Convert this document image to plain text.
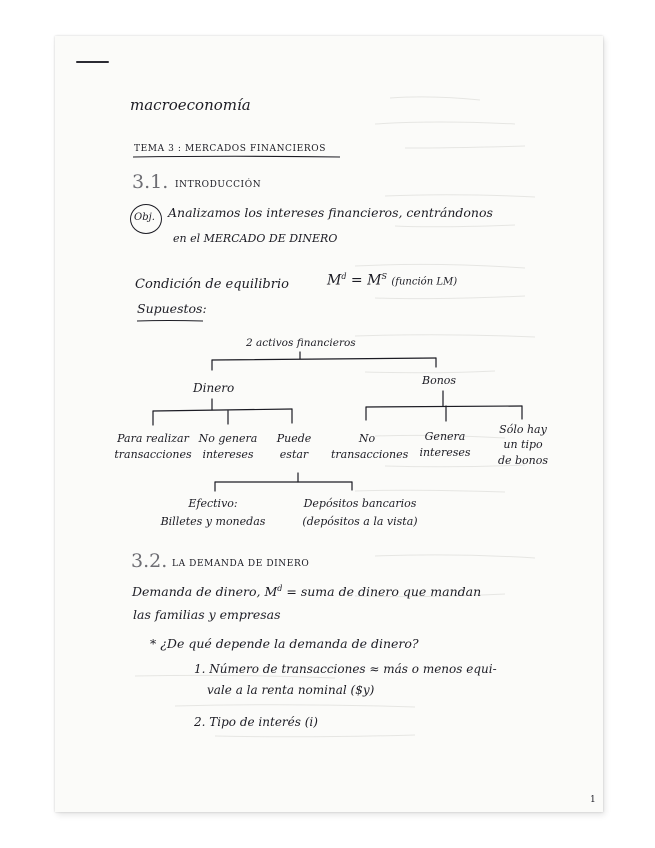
macroeconomía
TEMA 3 : MERCADOS FINANCIEROS
3.1. INTRODUCCIÓN
Obj. Analizamos los intereses financieros, centrándonos
en el MERCADO DE DINERO
Condición de equilibrio	$M^d = M^S$ (función LM)
Supuestos:
2 activos financieros
Dinero
Bonos
Para realizar
transacciones
No genera
intereses
Puede
estar
No
transacciones
Genera
intereses
Sólo hay
un tipo
de bonos
Efectivo:
Billetes y monedas
Depósitos bancarios
(depósitos a la vista)
3.2. LA DEMANDA DE DINERO
Demanda de dinero, $M^d$ = suma de dinero que mandan
las familias y empresas
* ¿De qué depende la demanda de dinero?
1. Número de transacciones ≈ más o menos equi-
vale a la renta nominal ($y)
2. Tipo de interés (i)
1
